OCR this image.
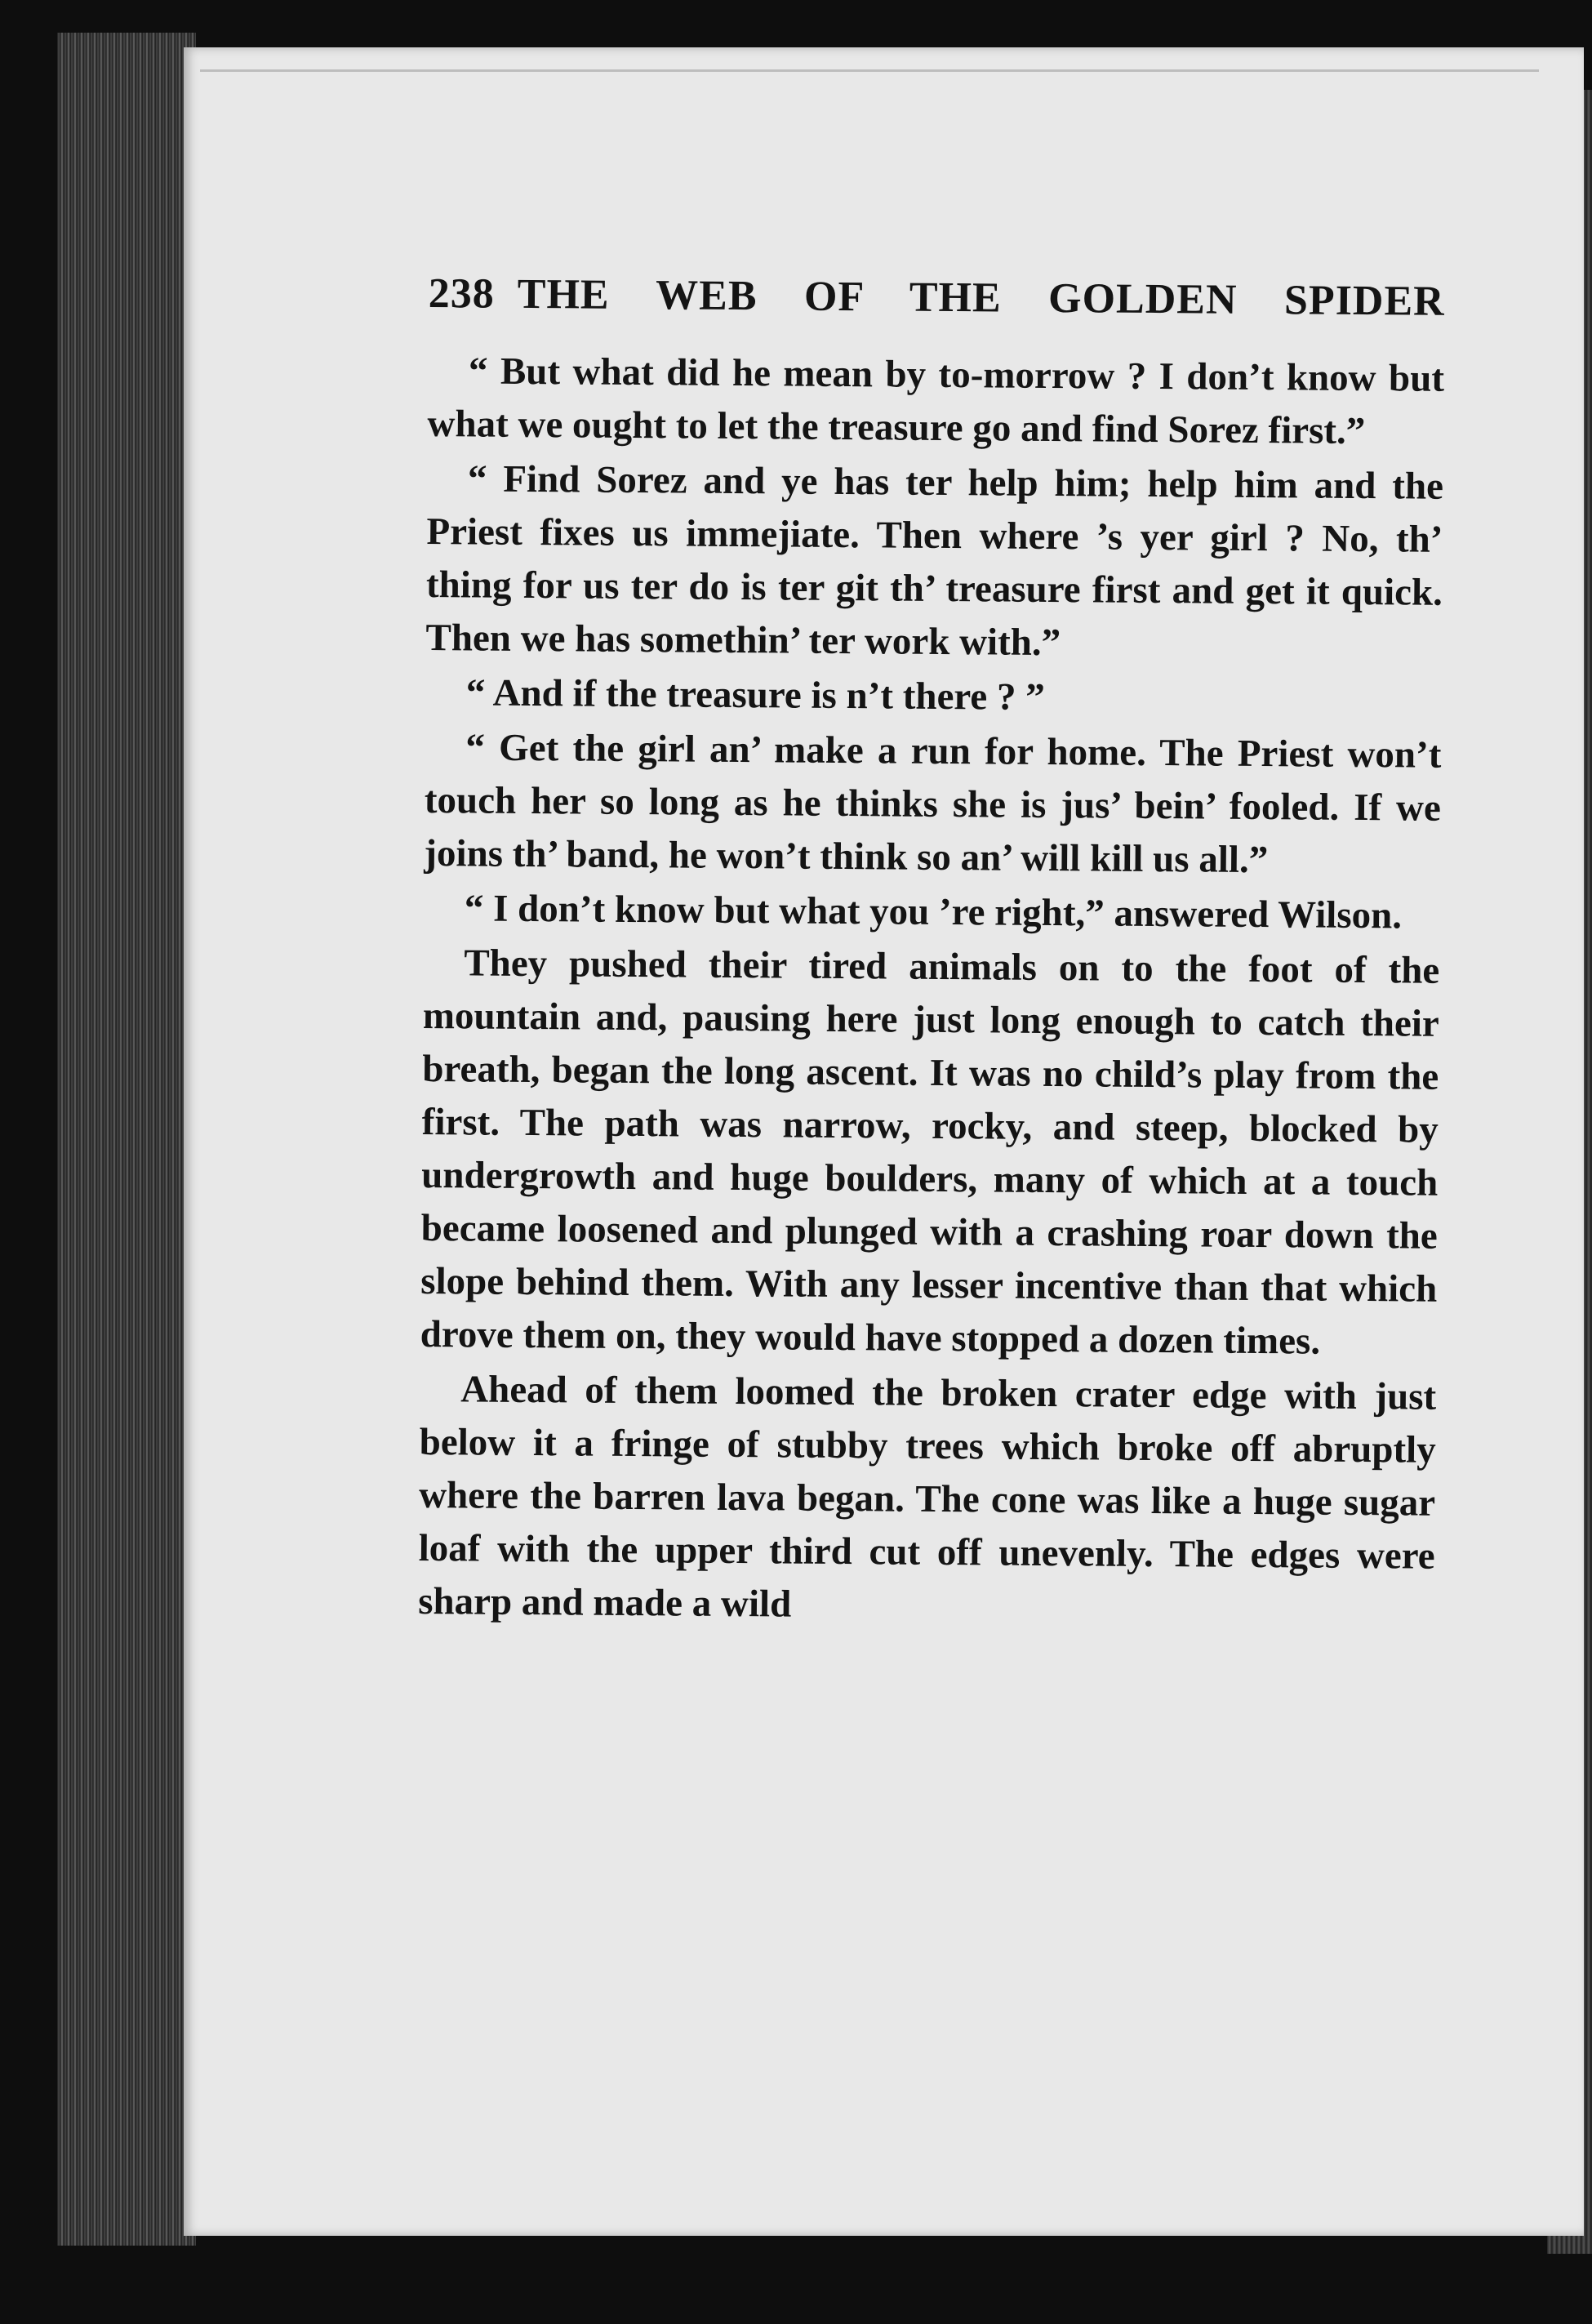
238 THE WEB OF THE GOLDEN SPIDER

“ But what did he mean by to-morrow ? I don’t know but what we ought to let the treasure go and find Sorez first.”

“ Find Sorez and ye has ter help him; help him and the Priest fixes us immejiate. Then where ’s yer girl ? No, th’ thing for us ter do is ter git th’ treasure first and get it quick. Then we has somethin’ ter work with.”

“ And if the treasure is n’t there ? ”

“ Get the girl an’ make a run for home. The Priest won’t touch her so long as he thinks she is jus’ bein’ fooled. If we joins th’ band, he won’t think so an’ will kill us all.”

“ I don’t know but what you ’re right,” answered Wilson.

They pushed their tired animals on to the foot of the mountain and, pausing here just long enough to catch their breath, began the long ascent. It was no child’s play from the first. The path was narrow, rocky, and steep, blocked by undergrowth and huge boulders, many of which at a touch became loosened and plunged with a crashing roar down the slope behind them. With any lesser incentive than that which drove them on, they would have stopped a dozen times.

Ahead of them loomed the broken crater edge with just below it a fringe of stubby trees which broke off abruptly where the barren lava began. The cone was like a huge sugar loaf with the upper third cut off unevenly. The edges were sharp and made a wild
